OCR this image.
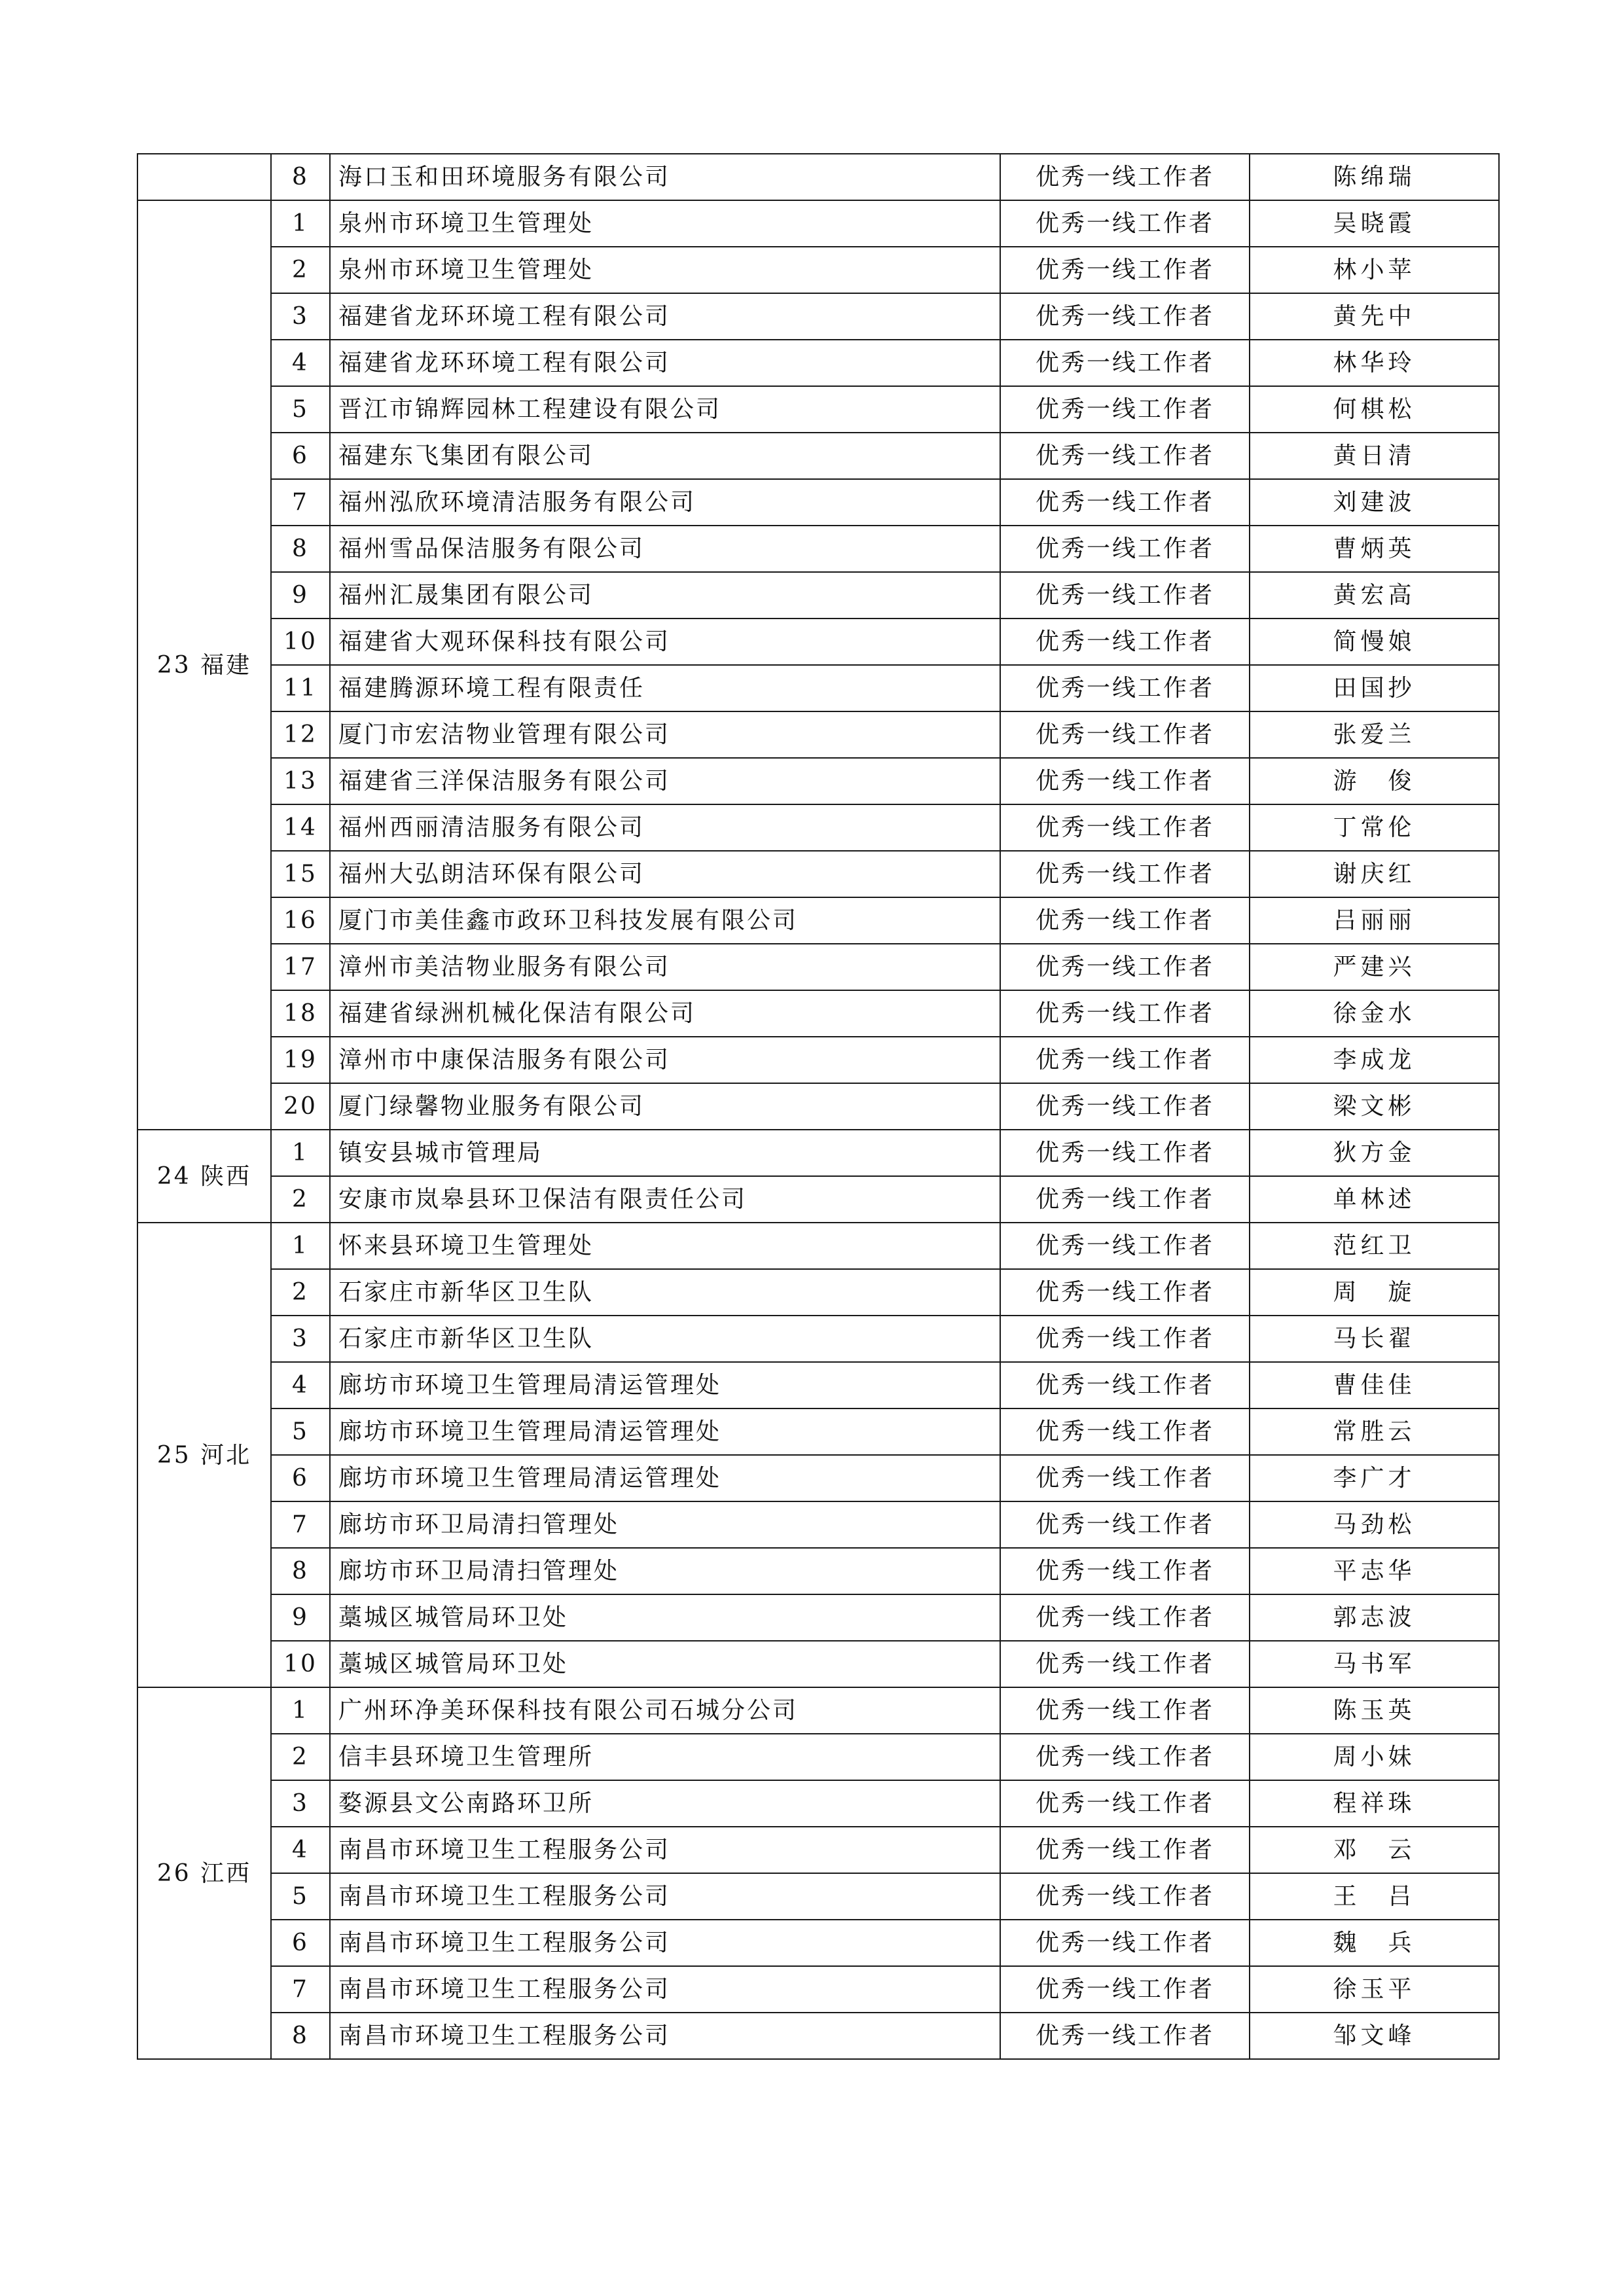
	8	海口玉和田环境服务有限公司	优秀一线工作者	陈绵瑞
23 福建	1	泉州市环境卫生管理处	优秀一线工作者	吴晓霞
	2	泉州市环境卫生管理处	优秀一线工作者	林小苹
	3	福建省龙环环境工程有限公司	优秀一线工作者	黄先中
	4	福建省龙环环境工程有限公司	优秀一线工作者	林华玲
	5	晋江市锦辉园林工程建设有限公司	优秀一线工作者	何棋松
	6	福建东飞集团有限公司	优秀一线工作者	黄日清
	7	福州泓欣环境清洁服务有限公司	优秀一线工作者	刘建波
	8	福州雪品保洁服务有限公司	优秀一线工作者	曹炳英
	9	福州汇晟集团有限公司	优秀一线工作者	黄宏高
	10	福建省大观环保科技有限公司	优秀一线工作者	简慢娘
	11	福建腾源环境工程有限责任	优秀一线工作者	田国抄
	12	厦门市宏洁物业管理有限公司	优秀一线工作者	张爱兰
	13	福建省三洋保洁服务有限公司	优秀一线工作者	游　俊
	14	福州西丽清洁服务有限公司	优秀一线工作者	丁常伦
	15	福州大弘朗洁环保有限公司	优秀一线工作者	谢庆红
	16	厦门市美佳鑫市政环卫科技发展有限公司	优秀一线工作者	吕丽丽
	17	漳州市美洁物业服务有限公司	优秀一线工作者	严建兴
	18	福建省绿洲机械化保洁有限公司	优秀一线工作者	徐金水
	19	漳州市中康保洁服务有限公司	优秀一线工作者	李成龙
	20	厦门绿馨物业服务有限公司	优秀一线工作者	梁文彬
24 陕西	1	镇安县城市管理局	优秀一线工作者	狄方金
	2	安康市岚皋县环卫保洁有限责任公司	优秀一线工作者	单林述
25 河北	1	怀来县环境卫生管理处	优秀一线工作者	范红卫
	2	石家庄市新华区卫生队	优秀一线工作者	周　旋
	3	石家庄市新华区卫生队	优秀一线工作者	马长翟
	4	廊坊市环境卫生管理局清运管理处	优秀一线工作者	曹佳佳
	5	廊坊市环境卫生管理局清运管理处	优秀一线工作者	常胜云
	6	廊坊市环境卫生管理局清运管理处	优秀一线工作者	李广才
	7	廊坊市环卫局清扫管理处	优秀一线工作者	马劲松
	8	廊坊市环卫局清扫管理处	优秀一线工作者	平志华
	9	藁城区城管局环卫处	优秀一线工作者	郭志波
	10	藁城区城管局环卫处	优秀一线工作者	马书军
26 江西	1	广州环净美环保科技有限公司石城分公司	优秀一线工作者	陈玉英
	2	信丰县环境卫生管理所	优秀一线工作者	周小妹
	3	婺源县文公南路环卫所	优秀一线工作者	程祥珠
	4	南昌市环境卫生工程服务公司	优秀一线工作者	邓　云
	5	南昌市环境卫生工程服务公司	优秀一线工作者	王　吕
	6	南昌市环境卫生工程服务公司	优秀一线工作者	魏　兵
	7	南昌市环境卫生工程服务公司	优秀一线工作者	徐玉平
	8	南昌市环境卫生工程服务公司	优秀一线工作者	邹文峰
